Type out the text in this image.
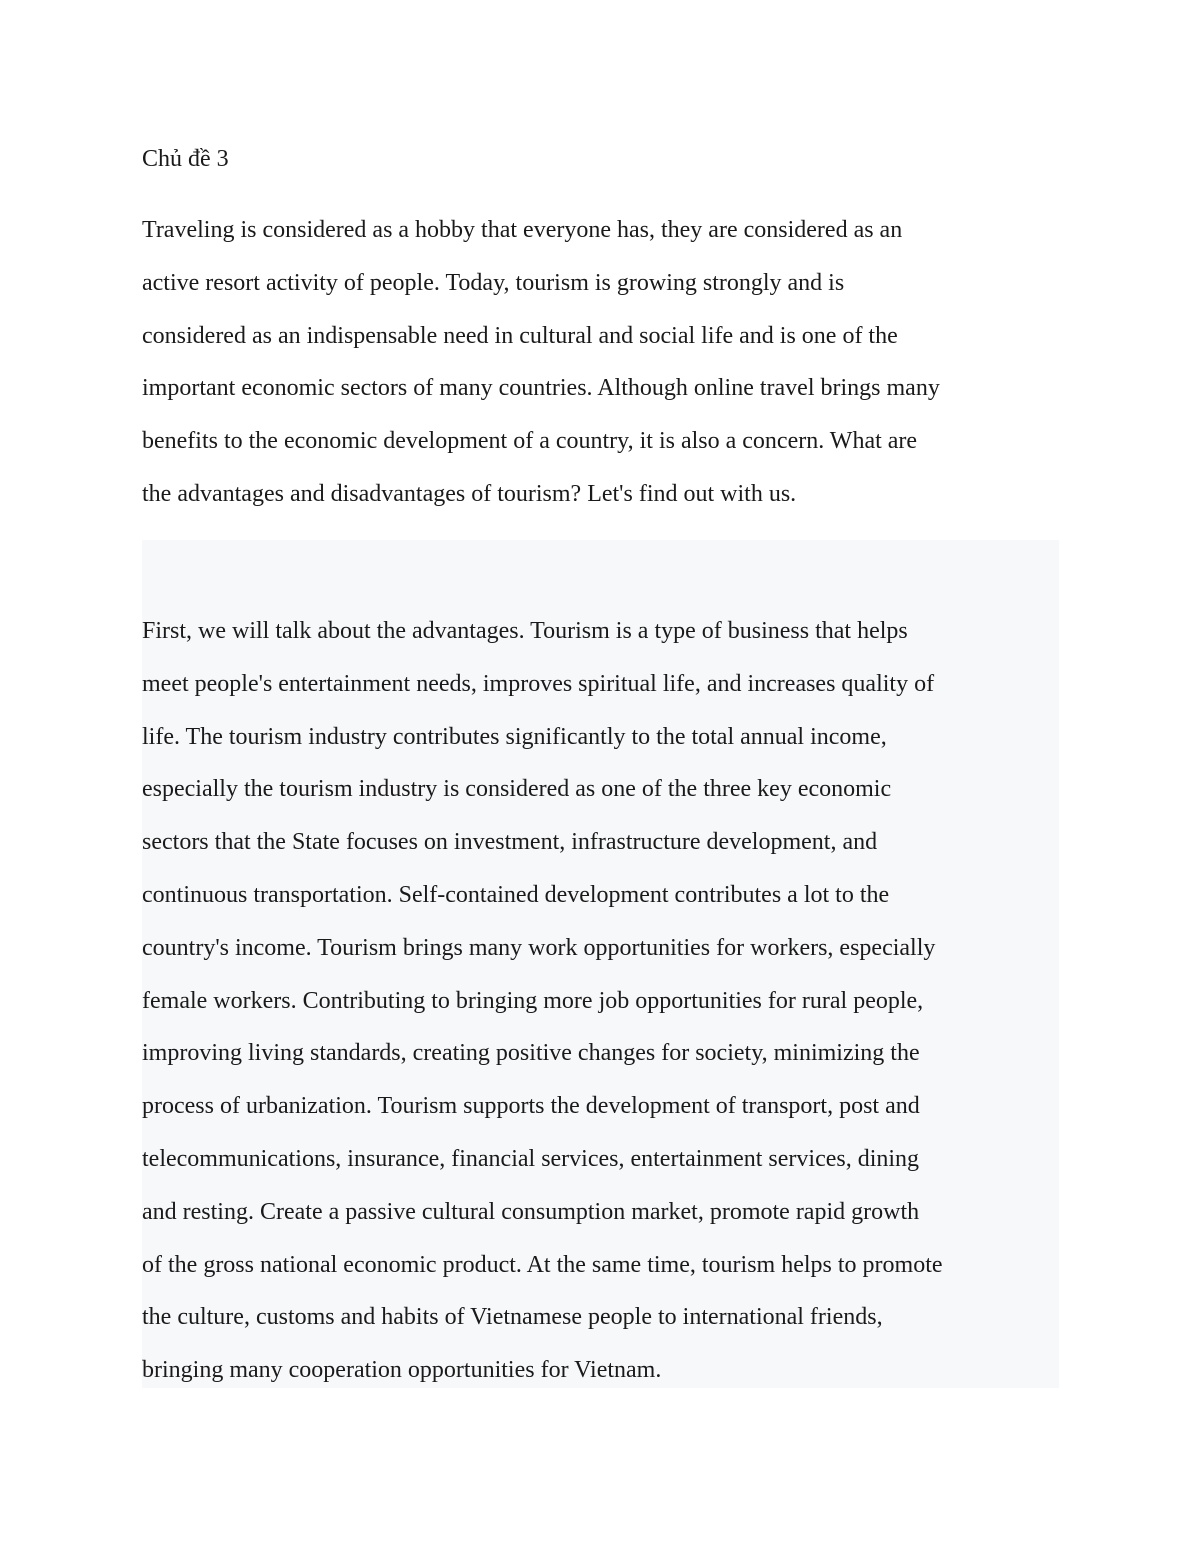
Chủ đề 3

Traveling is considered as a hobby that everyone has, they are considered as an
active resort activity of people. Today, tourism is growing strongly and is
considered as an indispensable need in cultural and social life and is one of the
important economic sectors of many countries. Although online travel brings many
benefits to the economic development of a country, it is also a concern. What are
the advantages and disadvantages of tourism? Let's find out with us.

First, we will talk about the advantages. Tourism is a type of business that helps
meet people's entertainment needs, improves spiritual life, and increases quality of
life. The tourism industry contributes significantly to the total annual income,
especially the tourism industry is considered as one of the three key economic
sectors that the State focuses on investment, infrastructure development, and
continuous transportation. Self-contained development contributes a lot to the
country's income. Tourism brings many work opportunities for workers, especially
female workers. Contributing to bringing more job opportunities for rural people,
improving living standards, creating positive changes for society, minimizing the
process of urbanization. Tourism supports the development of transport, post and
telecommunications, insurance, financial services, entertainment services, dining
and resting. Create a passive cultural consumption market, promote rapid growth
of the gross national economic product. At the same time, tourism helps to promote
the culture, customs and habits of Vietnamese people to international friends,
bringing many cooperation opportunities for Vietnam.
